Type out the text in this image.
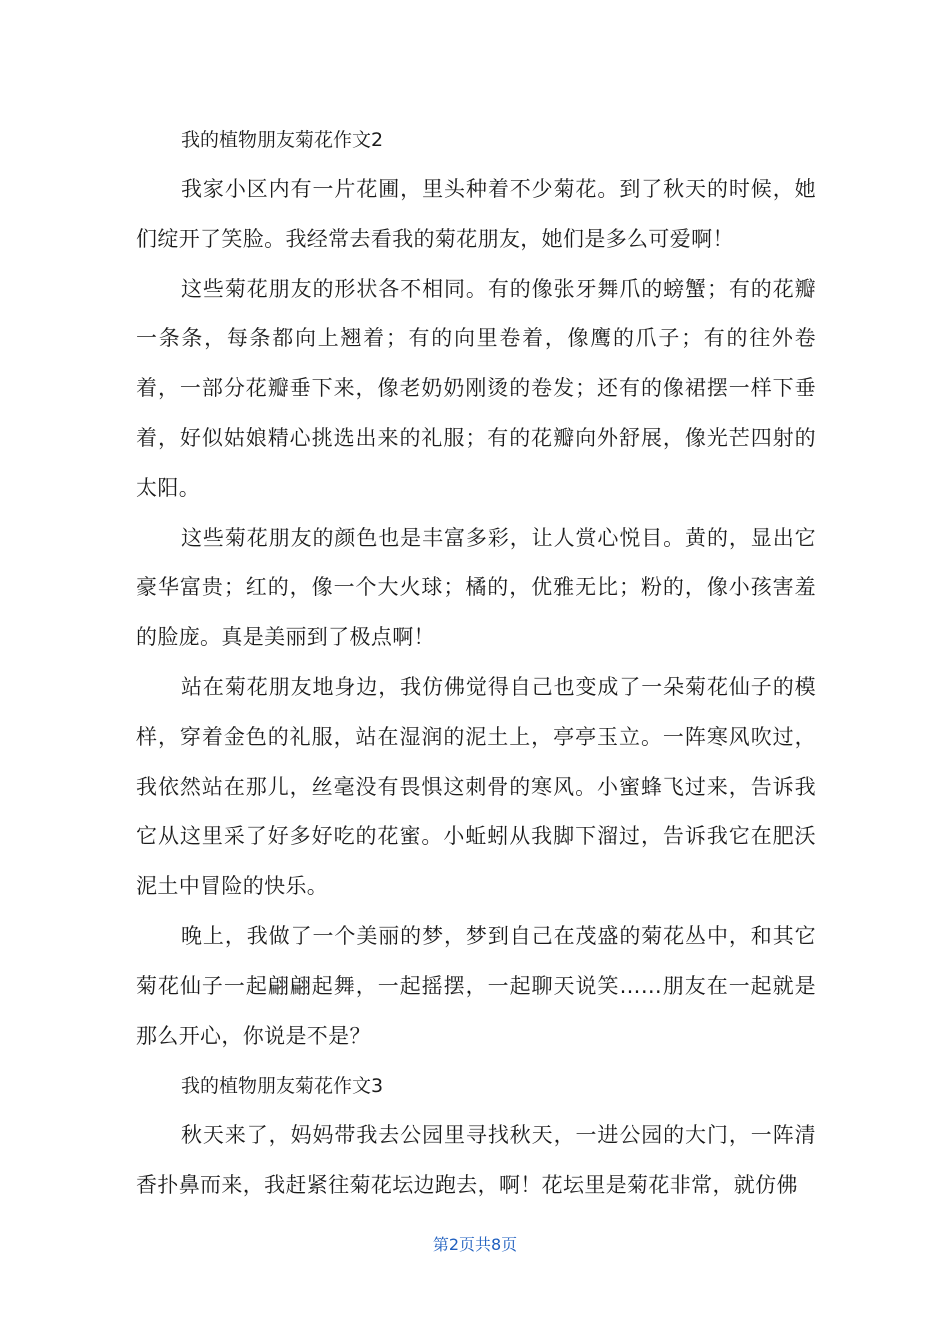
我的植物朋友菊花作文2

我家小区内有一片花圃，里头种着不少菊花。到了秋天的时候，她们绽开了笑脸。我经常去看我的菊花朋友，她们是多么可爱啊！

这些菊花朋友的形状各不相同。有的像张牙舞爪的螃蟹；有的花瓣一条条，每条都向上翘着；有的向里卷着，像鹰的爪子；有的往外卷着，一部分花瓣垂下来，像老奶奶刚烫的卷发；还有的像裙摆一样下垂着，好似姑娘精心挑选出来的礼服；有的花瓣向外舒展，像光芒四射的太阳。

这些菊花朋友的颜色也是丰富多彩，让人赏心悦目。黄的，显出它豪华富贵；红的，像一个大火球；橘的，优雅无比；粉的，像小孩害羞的脸庞。真是美丽到了极点啊！

站在菊花朋友地身边，我仿佛觉得自己也变成了一朵菊花仙子的模样，穿着金色的礼服，站在湿润的泥土上，亭亭玉立。一阵寒风吹过，我依然站在那儿，丝毫没有畏惧这刺骨的寒风。小蜜蜂飞过来，告诉我它从这里采了好多好吃的花蜜。小蚯蚓从我脚下溜过，告诉我它在肥沃泥土中冒险的快乐。

晚上，我做了一个美丽的梦，梦到自己在茂盛的菊花丛中，和其它菊花仙子一起翩翩起舞，一起摇摆，一起聊天说笑……朋友在一起就是那么开心，你说是不是？

我的植物朋友菊花作文3

秋天来了，妈妈带我去公园里寻找秋天，一进公园的大门，一阵清香扑鼻而来，我赶紧往菊花坛边跑去，啊！花坛里是菊花非常，就仿佛

第2页共8页
